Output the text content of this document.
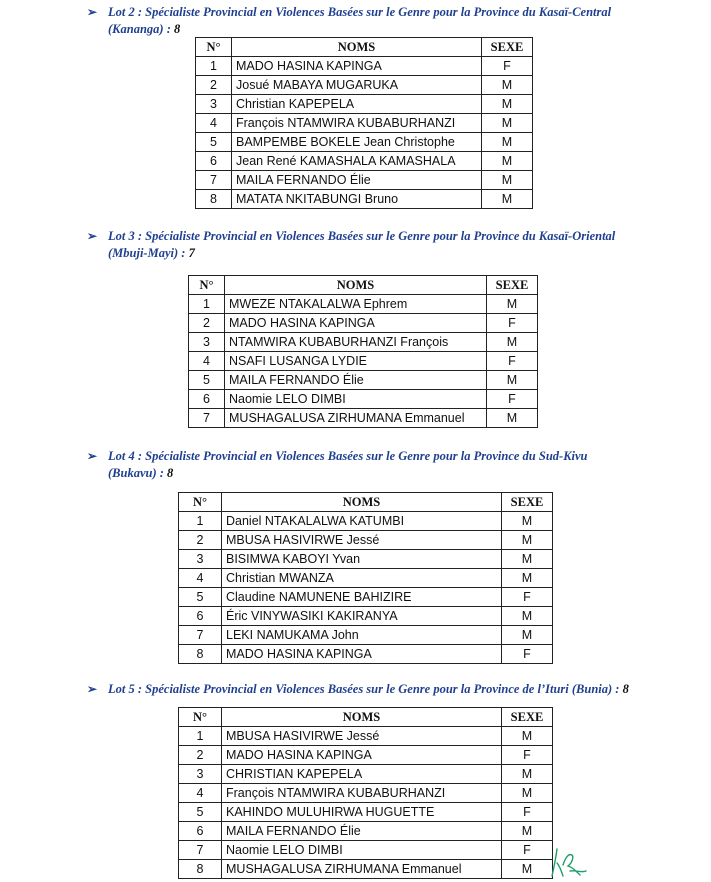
➢ Lot 2 : Spécialiste Provincial en Violences Basées sur le Genre pour la Province du Kasaï-Central
(Kananga) : 8

N°	NOMS	SEXE
1	MADO HASINA KAPINGA	F
2	Josué MABAYA MUGARUKA	M
3	Christian KAPEPELA	M
4	François NTAMWIRA KUBABURHANZI	M
5	BAMPEMBE BOKELE Jean Christophe	M
6	Jean René KAMASHALA KAMASHALA	M
7	MAILA FERNANDO Élie	M
8	MATATA NKITABUNGI Bruno	M

➢ Lot 3 : Spécialiste Provincial en Violences Basées sur le Genre pour la Province du Kasaï-Oriental
(Mbuji-Mayi) : 7

N°	NOMS	SEXE
1	MWEZE NTAKALALWA Ephrem	M
2	MADO HASINA KAPINGA	F
3	NTAMWIRA KUBABURHANZI François	M
4	NSAFI LUSANGA LYDIE	F
5	MAILA FERNANDO Élie	M
6	Naomie LELO DIMBI	F
7	MUSHAGALUSA ZIRHUMANA Emmanuel	M

➢ Lot 4 : Spécialiste Provincial en Violences Basées sur le Genre pour la Province du Sud-Kivu
(Bukavu) : 8

N°	NOMS	SEXE
1	Daniel NTAKALALWA KATUMBI	M
2	MBUSA HASIVIRWE Jessé	M
3	BISIMWA KABOYI Yvan	M
4	Christian MWANZA	M
5	Claudine NAMUNENE BAHIZIRE	F
6	Éric VINYWASIKI KAKIRANYA	M
7	LEKI NAMUKAMA John	M
8	MADO HASINA KAPINGA	F

➢ Lot 5 : Spécialiste Provincial en Violences Basées sur le Genre pour la Province de l’Ituri (Bunia) : 8

N°	NOMS	SEXE
1	MBUSA HASIVIRWE Jessé	M
2	MADO HASINA KAPINGA	F
3	CHRISTIAN KAPEPELA	M
4	François NTAMWIRA KUBABURHANZI	M
5	KAHINDO MULUHIRWA HUGUETTE	F
6	MAILA FERNANDO Élie	M
7	Naomie LELO DIMBI	F
8	MUSHAGALUSA ZIRHUMANA Emmanuel	M
